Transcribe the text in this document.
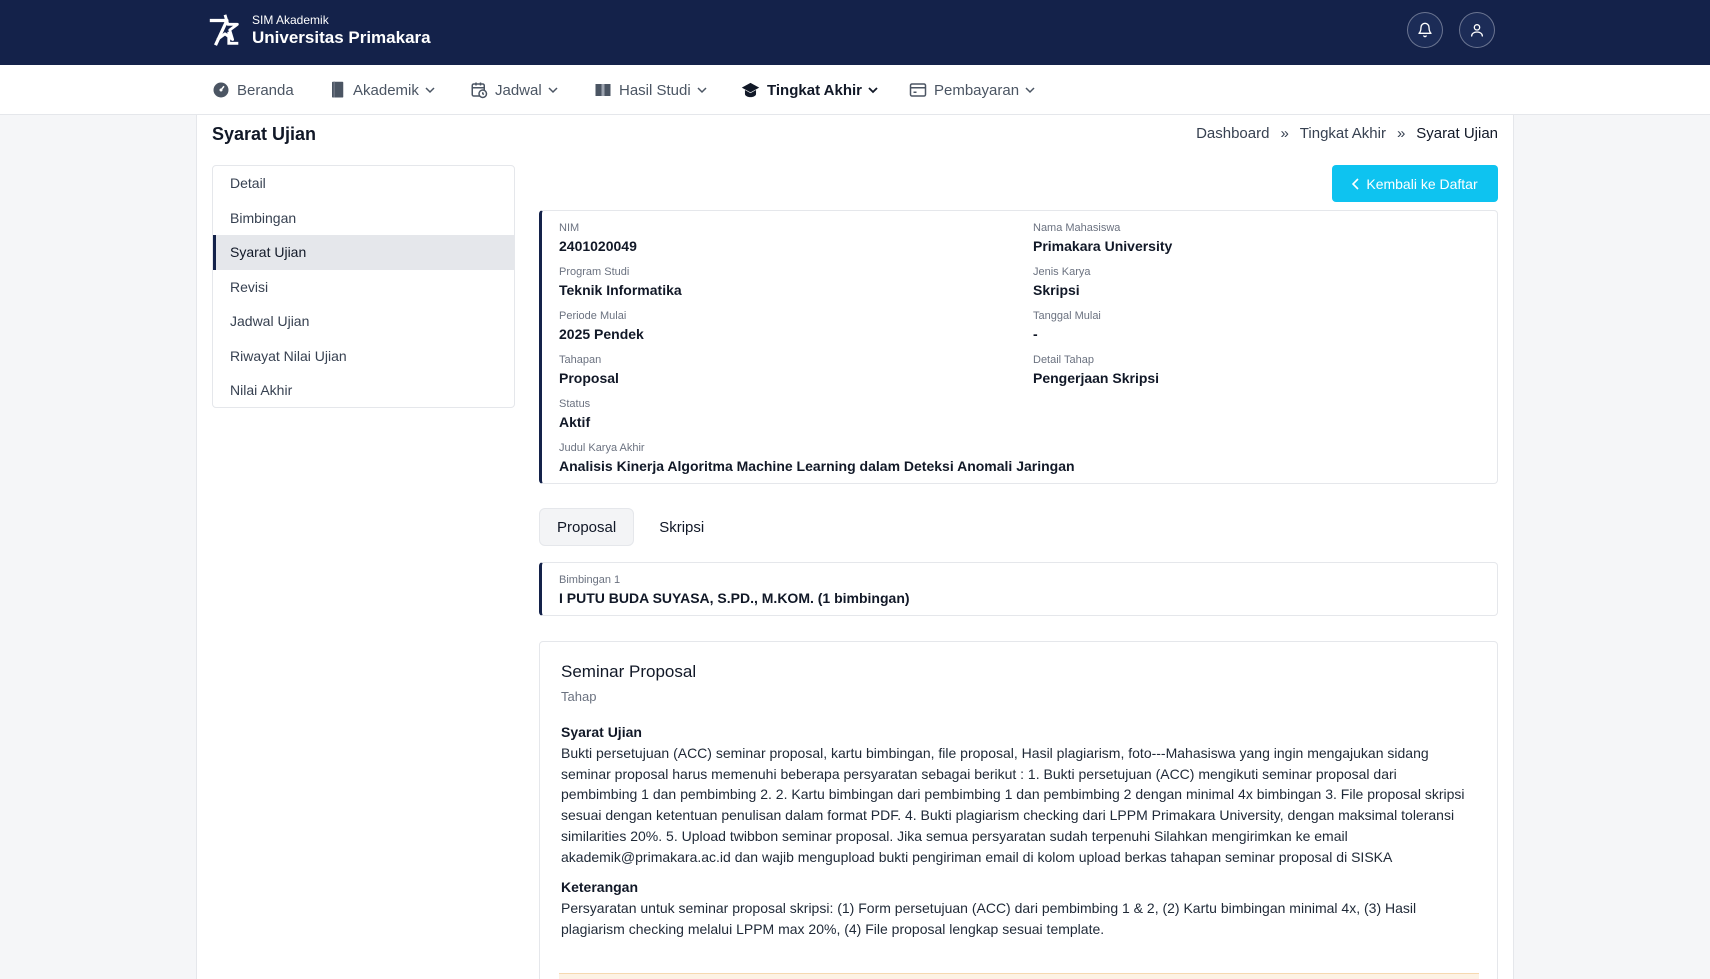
SIM Akademik
Universitas Primakara
Beranda	Akademik	Jadwal	Hasil Studi	Tingkat Akhir	Pembayaran
Syarat Ujian	Dashboard » Tingkat Akhir » Syarat Ujian
Detail
Bimbingan
Syarat Ujian
Revisi
Jadwal Ujian
Riwayat Nilai Ujian
Nilai Akhir
Kembali ke Daftar
NIM
2401020049
Nama Mahasiswa
Primakara University
Program Studi
Teknik Informatika
Jenis Karya
Skripsi
Periode Mulai
2025 Pendek
Tanggal Mulai
-
Tahapan
Proposal
Detail Tahap
Pengerjaan Skripsi
Status
Aktif
Judul Karya Akhir
Analisis Kinerja Algoritma Machine Learning dalam Deteksi Anomali Jaringan
Proposal	Skripsi
Bimbingan 1
I PUTU BUDA SUYASA, S.PD., M.KOM. (1 bimbingan)
Seminar Proposal
Tahap
Syarat Ujian
Bukti persetujuan (ACC) seminar proposal, kartu bimbingan, file proposal, Hasil plagiarism, foto---Mahasiswa yang ingin mengajukan sidang seminar proposal harus memenuhi beberapa persyaratan sebagai berikut : 1. Bukti persetujuan (ACC) mengikuti seminar proposal dari pembimbing 1 dan pembimbing 2. 2. Kartu bimbingan dari pembimbing 1 dan pembimbing 2 dengan minimal 4x bimbingan 3. File proposal skripsi sesuai dengan ketentuan penulisan dalam format PDF. 4. Bukti plagiarism checking dari LPPM Primakara University, dengan maksimal toleransi similarities 20%. 5. Upload twibbon seminar proposal. Jika semua persyaratan sudah terpenuhi Silahkan mengirimkan ke email akademik@primakara.ac.id dan wajib mengupload bukti pengiriman email di kolom upload berkas tahapan seminar proposal di SISKA
Keterangan
Persyaratan untuk seminar proposal skripsi: (1) Form persetujuan (ACC) dari pembimbing 1 & 2, (2) Kartu bimbingan minimal 4x, (3) Hasil plagiarism checking melalui LPPM max 20%, (4) File proposal lengkap sesuai template.
